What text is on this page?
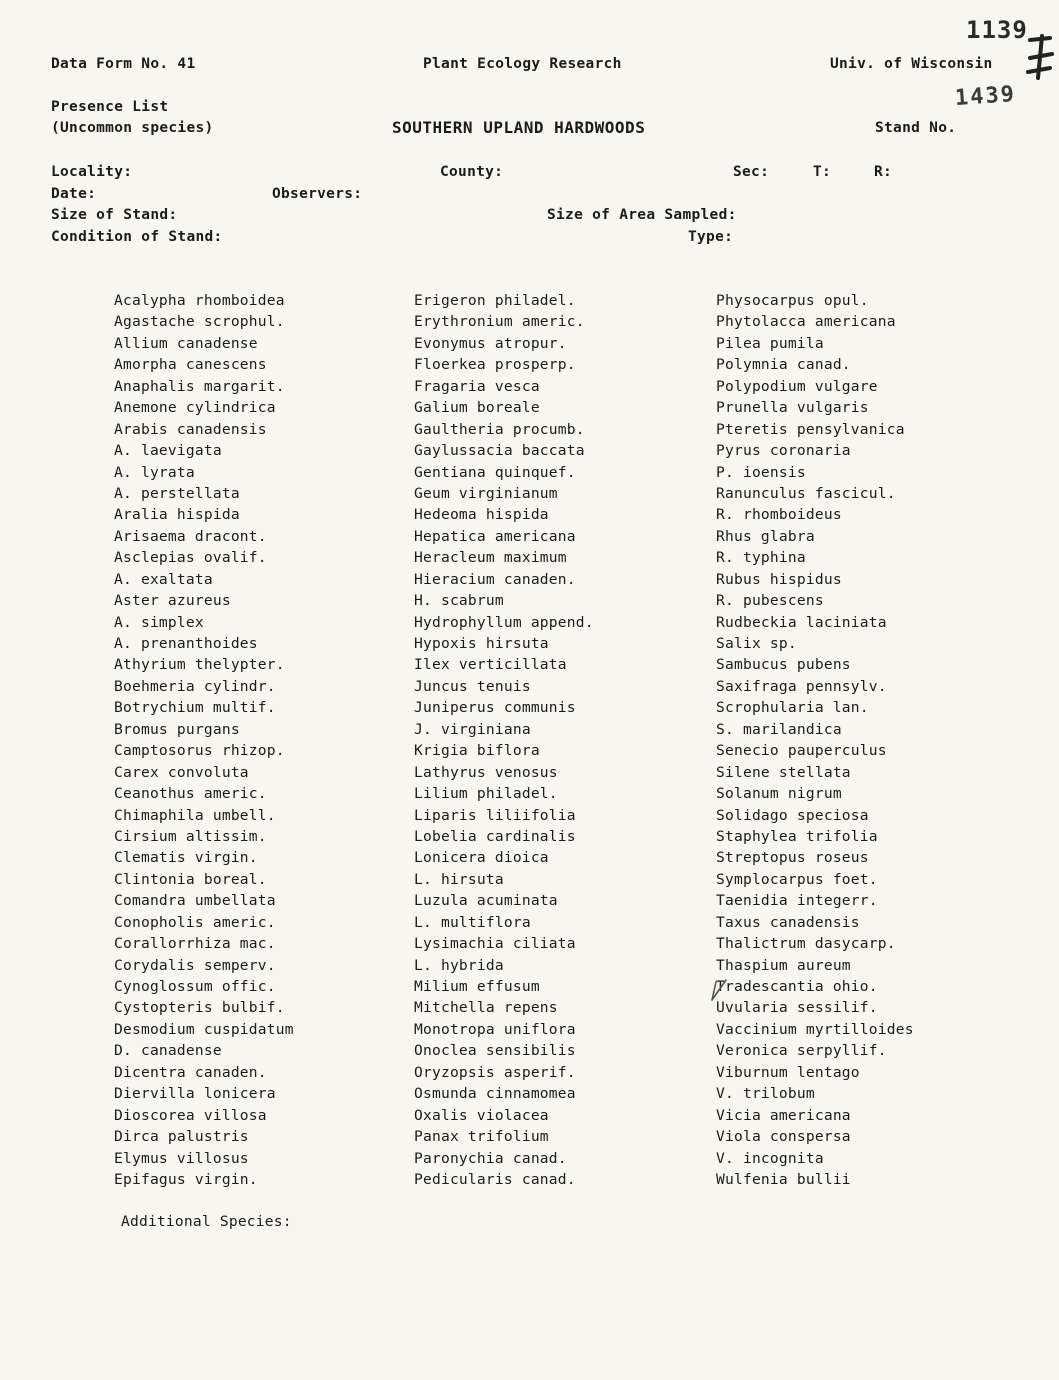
Data Form No. 41	Plant Ecology Research	Univ. of Wisconsin
1139
1439
Presence List
(Uncommon species)	SOUTHERN UPLAND HARDWOODS	Stand No.
Locality:	County:	Sec:	T:	R:
Date:	Observers:
Size of Stand:	Size of Area Sampled:
Condition of Stand:	Type:
Acalypha rhomboidea
Agastache scrophul.
Allium canadense
Amorpha canescens
Anaphalis margarit.
Anemone cylindrica
Arabis canadensis
A. laevigata
A. lyrata
A. perstellata
Aralia hispida
Arisaema dracont.
Asclepias ovalif.
A. exaltata
Aster azureus
A. simplex
A. prenanthoides
Athyrium thelypter.
Boehmeria cylindr.
Botrychium multif.
Bromus purgans
Camptosorus rhizop.
Carex convoluta
Ceanothus americ.
Chimaphila umbell.
Cirsium altissim.
Clematis virgin.
Clintonia boreal.
Comandra umbellata
Conopholis americ.
Corallorrhiza mac.
Corydalis semperv.
Cynoglossum offic.
Cystopteris bulbif.
Desmodium cuspidatum
D. canadense
Dicentra canaden.
Diervilla lonicera
Dioscorea villosa
Dirca palustris
Elymus villosus
Epifagus virgin.
Erigeron philadel.
Erythronium americ.
Evonymus atropur.
Floerkea prosperp.
Fragaria vesca
Galium boreale
Gaultheria procumb.
Gaylussacia baccata
Gentiana quinquef.
Geum virginianum
Hedeoma hispida
Hepatica americana
Heracleum maximum
Hieracium canaden.
H. scabrum
Hydrophyllum append.
Hypoxis hirsuta
Ilex verticillata
Juncus tenuis
Juniperus communis
J. virginiana
Krigia biflora
Lathyrus venosus
Lilium philadel.
Liparis liliifolia
Lobelia cardinalis
Lonicera dioica
L. hirsuta
Luzula acuminata
L. multiflora
Lysimachia ciliata
L. hybrida
Milium effusum
Mitchella repens
Monotropa uniflora
Onoclea sensibilis
Oryzopsis asperif.
Osmunda cinnamomea
Oxalis violacea
Panax trifolium
Paronychia canad.
Pedicularis canad.
Physocarpus opul.
Phytolacca americana
Pilea pumila
Polymnia canad.
Polypodium vulgare
Prunella vulgaris
Pteretis pensylvanica
Pyrus coronaria
P. ioensis
Ranunculus fascicul.
R. rhomboideus
Rhus glabra
R. typhina
Rubus hispidus
R. pubescens
Rudbeckia laciniata
Salix sp.
Sambucus pubens
Saxifraga pennsylv.
Scrophularia lan.
S. marilandica
Senecio pauperculus
Silene stellata
Solanum nigrum
Solidago speciosa
Staphylea trifolia
Streptopus roseus
Symplocarpus foet.
Taenidia integerr.
Taxus canadensis
Thalictrum dasycarp.
Thaspium aureum
Tradescantia ohio.
Uvularia sessilif.
Vaccinium myrtilloides
Veronica serpyllif.
Viburnum lentago
V. trilobum
Vicia americana
Viola conspersa
V. incognita
Wulfenia bullii
Additional Species:
